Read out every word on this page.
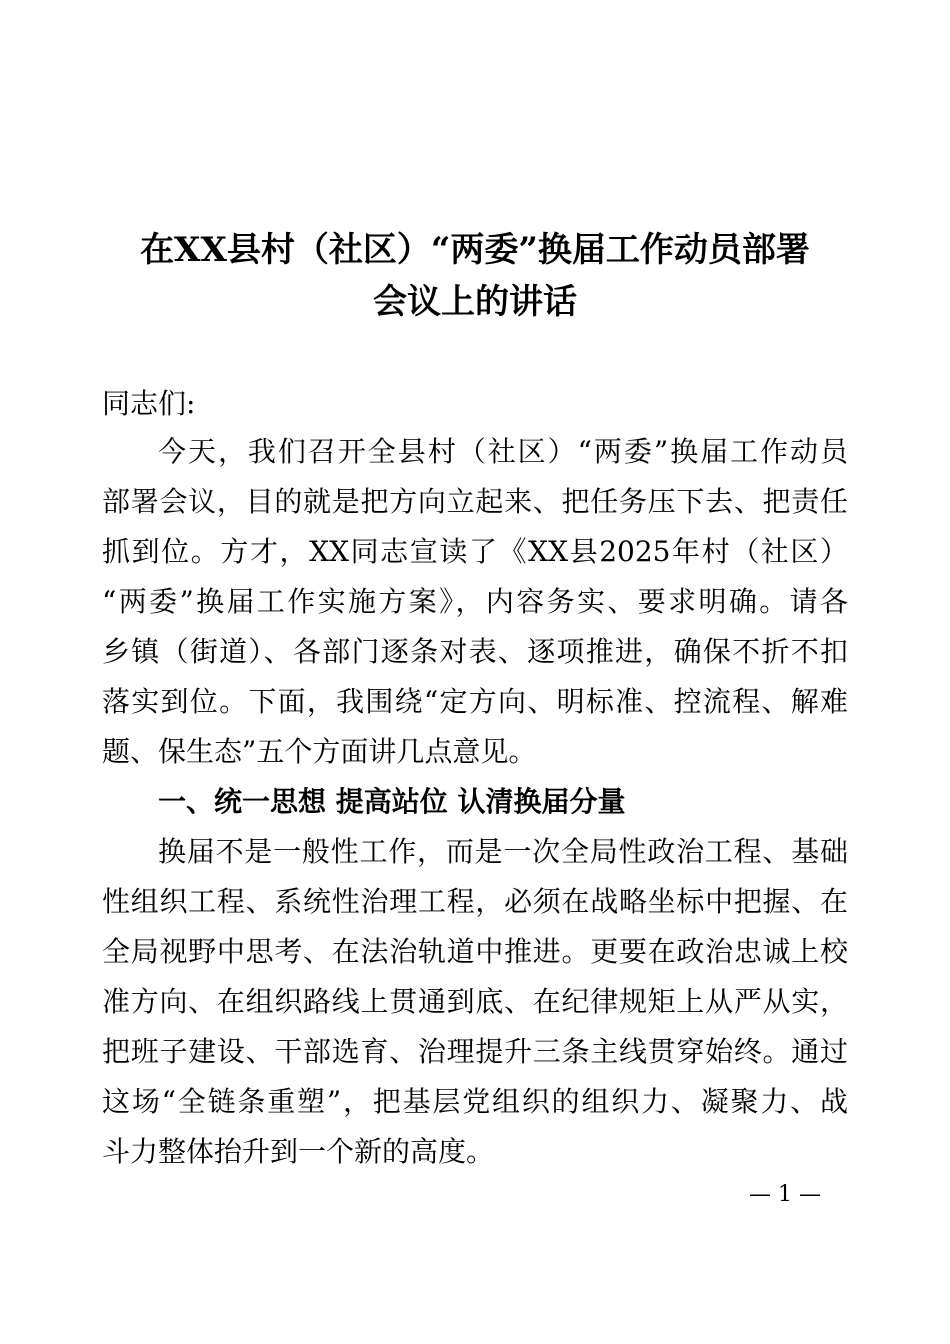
在XX县村（社区）“两委”换届工作动员部署
会议上的讲话
同志们:
今天，我们召开全县村（社区）“两委”换届工作动员
部署会议，目的就是把方向立起来、把任务压下去、把责任
抓到位。方才，XX同志宣读了《XX县2025年村（社区）
“两委”换届工作实施方案》，内容务实、要求明确。请各
乡镇（街道）、各部门逐条对表、逐项推进，确保不折不扣
落实到位。下面，我围绕“定方向、明标准、控流程、解难
题、保生态”五个方面讲几点意见。
一、统一思想 提高站位 认清换届分量
换届不是一般性工作，而是一次全局性政治工程、基础
性组织工程、系统性治理工程，必须在战略坐标中把握、在
全局视野中思考、在法治轨道中推进。更要在政治忠诚上校
准方向、在组织路线上贯通到底、在纪律规矩上从严从实，
把班子建设、干部选育、治理提升三条主线贯穿始终。通过
这场“全链条重塑”，把基层党组织的组织力、凝聚力、战
斗力整体抬升到一个新的高度。
— 1 —
